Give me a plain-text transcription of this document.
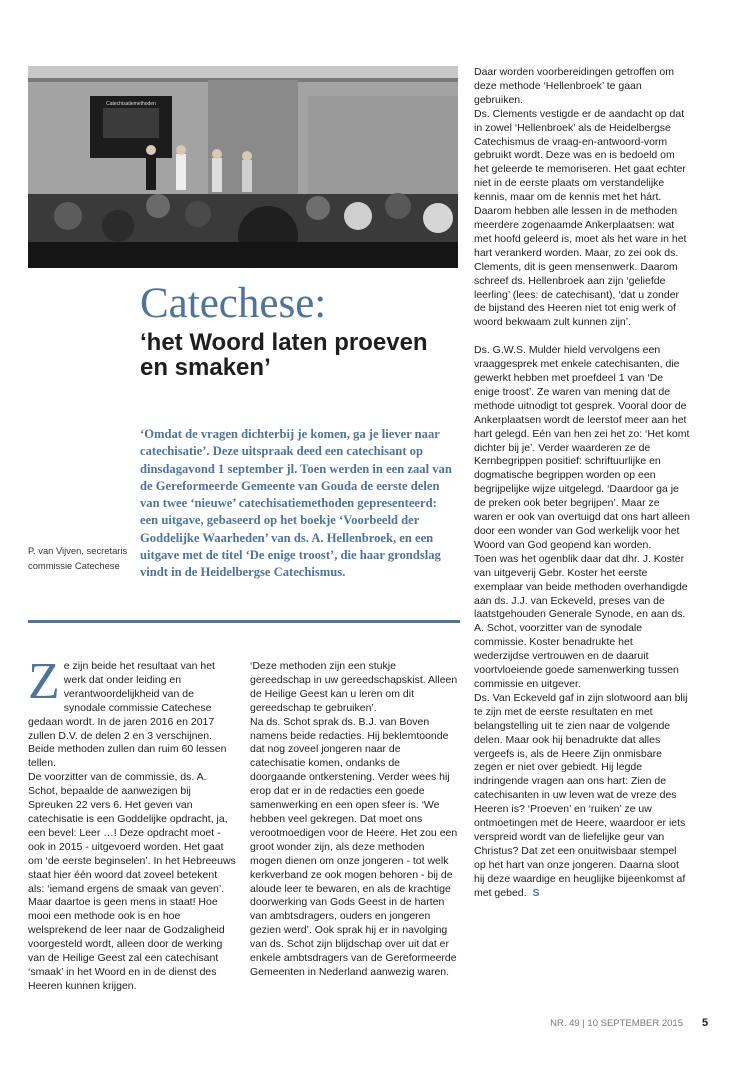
Catechisatiemethoden
Catechese:
‘het Woord laten proeven en smaken’

‘Omdat de vragen dichterbij je komen, ga je liever naar catechisatie’. Deze uitspraak deed een catechisant op dinsdagavond 1 september jl. Toen werden in een zaal van de Gereformeerde Gemeente van Gouda de eerste delen van twee ‘nieuwe’ catechisatiemethoden gepresenteerd: een uitgave, gebaseerd op het boekje ‘Voorbeeld der Goddelijke Waarheden’ van ds. A. Hellenbroek, en een uitgave met de titel ‘De enige troost’, die haar grondslag vindt in de Heidelbergse Catechismus.

P. van Vijven, secretaris commissie Catechese

Ze zijn beide het resultaat van het werk dat onder leiding en verantwoordelijkheid van de synodale commissie Catechese gedaan wordt. In de jaren 2016 en 2017 zullen D.V. de delen 2 en 3 verschijnen. Beide methoden zullen dan ruim 60 lessen tellen.

De voorzitter van de commissie, ds. A. Schot, bepaalde de aanwezigen bij Spreuken 22 vers 6. Het geven van catechisatie is een Goddelijke opdracht, ja, een bevel: Leer …! Deze opdracht moet - ook in 2015 - uitgevoerd worden. Het gaat om ‘de eerste beginselen’. In het Hebreeuws staat hier één woord dat zoveel betekent als: ‘iemand ergens de smaak van geven’. Maar daartoe is geen mens in staat! Hoe mooi een methode ook is en hoe welsprekend de leer naar de Godzaligheid voorgesteld wordt, alleen door de werking van de Heilige Geest zal een catechisant ‘smaak’ in het Woord en in de dienst des Heeren kunnen krijgen.

‘Deze methoden zijn een stukje gereedschap in uw gereedschapskist. Alleen de Heilige Geest kan u leren om dit gereedschap te gebruiken’.

Na ds. Schot sprak ds. B.J. van Boven namens beide redacties. Hij beklemtoonde dat nog zoveel jongeren naar de catechisatie komen, ondanks de doorgaande ontkerstening. Verder wees hij erop dat er in de redacties een goede samenwerking en een open sfeer is. ‘We hebben veel gekregen. Dat moet ons verootmoedigen voor de Heere. Het zou een groot wonder zijn, als deze methoden mogen dienen om onze jongeren - tot welk kerkverband ze ook mogen behoren - bij de aloude leer te bewaren, en als de krachtige doorwerking van Gods Geest in de harten van ambtsdragers, ouders en jongeren gezien werd’. Ook sprak hij er in navolging van ds. Schot zijn blijdschap over uit dat er enkele ambtsdragers van de Gereformeerde Gemeenten in Nederland aanwezig waren.

Daar worden voorbereidingen getroffen om deze methode ‘Hellenbroek’ te gaan gebruiken.

Ds. Clements vestigde er de aandacht op dat in zowel ‘Hellenbroek’ als de Heidelbergse Catechismus de vraag-en-antwoord-vorm gebruikt wordt. Deze was en is bedoeld om het geleerde te memoriseren. Het gaat echter niet in de eerste plaats om verstandelijke kennis, maar om de kennis met het hárt. Daarom hebben alle lessen in de methoden meerdere zogenaamde Ankerplaatsen: wat met hoofd geleerd is, moet als het ware in het hart verankerd worden. Maar, zo zei ook ds. Clements, dit is geen mensenwerk. Daarom schreef ds. Hellenbroek aan zijn ‘geliefde leerling’ (lees: de catechisant), ‘dat u zonder de bijstand des Heeren niet tot enig werk of woord bekwaam zult kunnen zijn’.

Ds. G.W.S. Mulder hield vervolgens een vraaggesprek met enkele catechisanten, die gewerkt hebben met proefdeel 1 van ‘De enige troost’. Ze waren van mening dat de methode uitnodigt tot gesprek. Vooral door de Ankerplaatsen wordt de leerstof meer aan het hart gelegd. Eén van hen zei het zo: ‘Het komt dichter bij je’. Verder waarderen ze de Kernbegrippen positief: schriftuurlijke en dogmatische begrippen worden op een begrijpelijke wijze uitgelegd. ‘Daardoor ga je de preken ook beter begrijpen’. Maar ze waren er ook van overtuigd dat ons hart alleen door een wonder van God werkelijk voor het Woord van God geopend kan worden.

Toen was het ogenblik daar dat dhr. J. Koster van uitgeverij Gebr. Koster het eerste exemplaar van beide methoden overhandigde aan ds. J.J. van Eckeveld, preses van de laatstgehouden Generale Synode, en aan ds. A. Schot, voorzitter van de synodale commissie. Koster benadrukte het wederzijdse vertrouwen en de daaruit voortvloeiende goede samenwerking tussen commissie en uitgever.

Ds. Van Eckeveld gaf in zijn slotwoord aan blij te zijn met de eerste resultaten en met belangstelling uit te zien naar de volgende delen. Maar ook hij benadrukte dat alles vergeefs is, als de Heere Zijn onmisbare zegen er niet over gebiedt. Hij legde indringende vragen aan ons hart: Zien de catechisanten in uw leven wat de vreze des Heeren is? ‘Proeven’ en ‘ruiken’ ze uw ontmoetingen met de Heere, waardoor er iets verspreid wordt van de liefelijke geur van Christus? Dat zet een onuitwisbaar stempel op het hart van onze jongeren. Daarna sloot hij deze waardige en heuglijke bijeenkomst af met gebed. S

NR. 49 | 10 SEPTEMBER 2015 5
